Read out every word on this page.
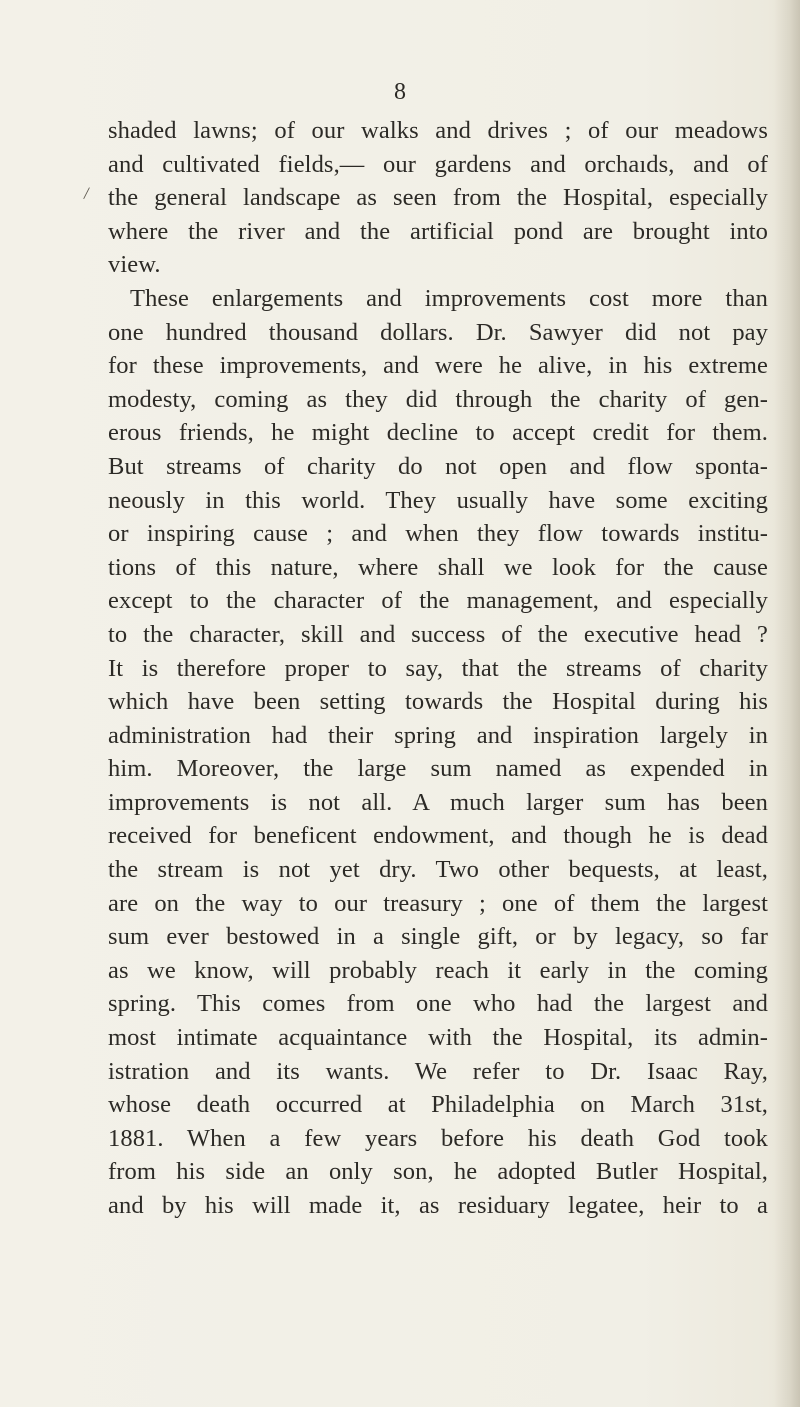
8
/
shaded lawns; of our walks and drives ; of our meadows
and cultivated fields,— our gardens and orchaıds, and of
the general landscape as seen from the Hospital, especially
where the river and the artificial pond are brought into
view.
These enlargements and improvements cost more than
one hundred thousand dollars. Dr. Sawyer did not pay
for these improvements, and were he alive, in his extreme
modesty, coming as they did through the charity of gen-
erous friends, he might decline to accept credit for them.
But streams of charity do not open and flow sponta-
neously in this world. They usually have some exciting
or inspiring cause ; and when they flow towards institu-
tions of this nature, where shall we look for the cause
except to the character of the management, and especially
to the character, skill and success of the executive head ?
It is therefore proper to say, that the streams of charity
which have been setting towards the Hospital during his
administration had their spring and inspiration largely in
him. Moreover, the large sum named as expended in
improvements is not all. A much larger sum has been
received for beneficent endowment, and though he is dead
the stream is not yet dry. Two other bequests, at least,
are on the way to our treasury ; one of them the largest
sum ever bestowed in a single gift, or by legacy, so far
as we know, will probably reach it early in the coming
spring. This comes from one who had the largest and
most intimate acquaintance with the Hospital, its admin-
istration and its wants. We refer to Dr. Isaac Ray,
whose death occurred at Philadelphia on March 31st,
1881. When a few years before his death God took
from his side an only son, he adopted Butler Hospital,
and by his will made it, as residuary legatee, heir to a
